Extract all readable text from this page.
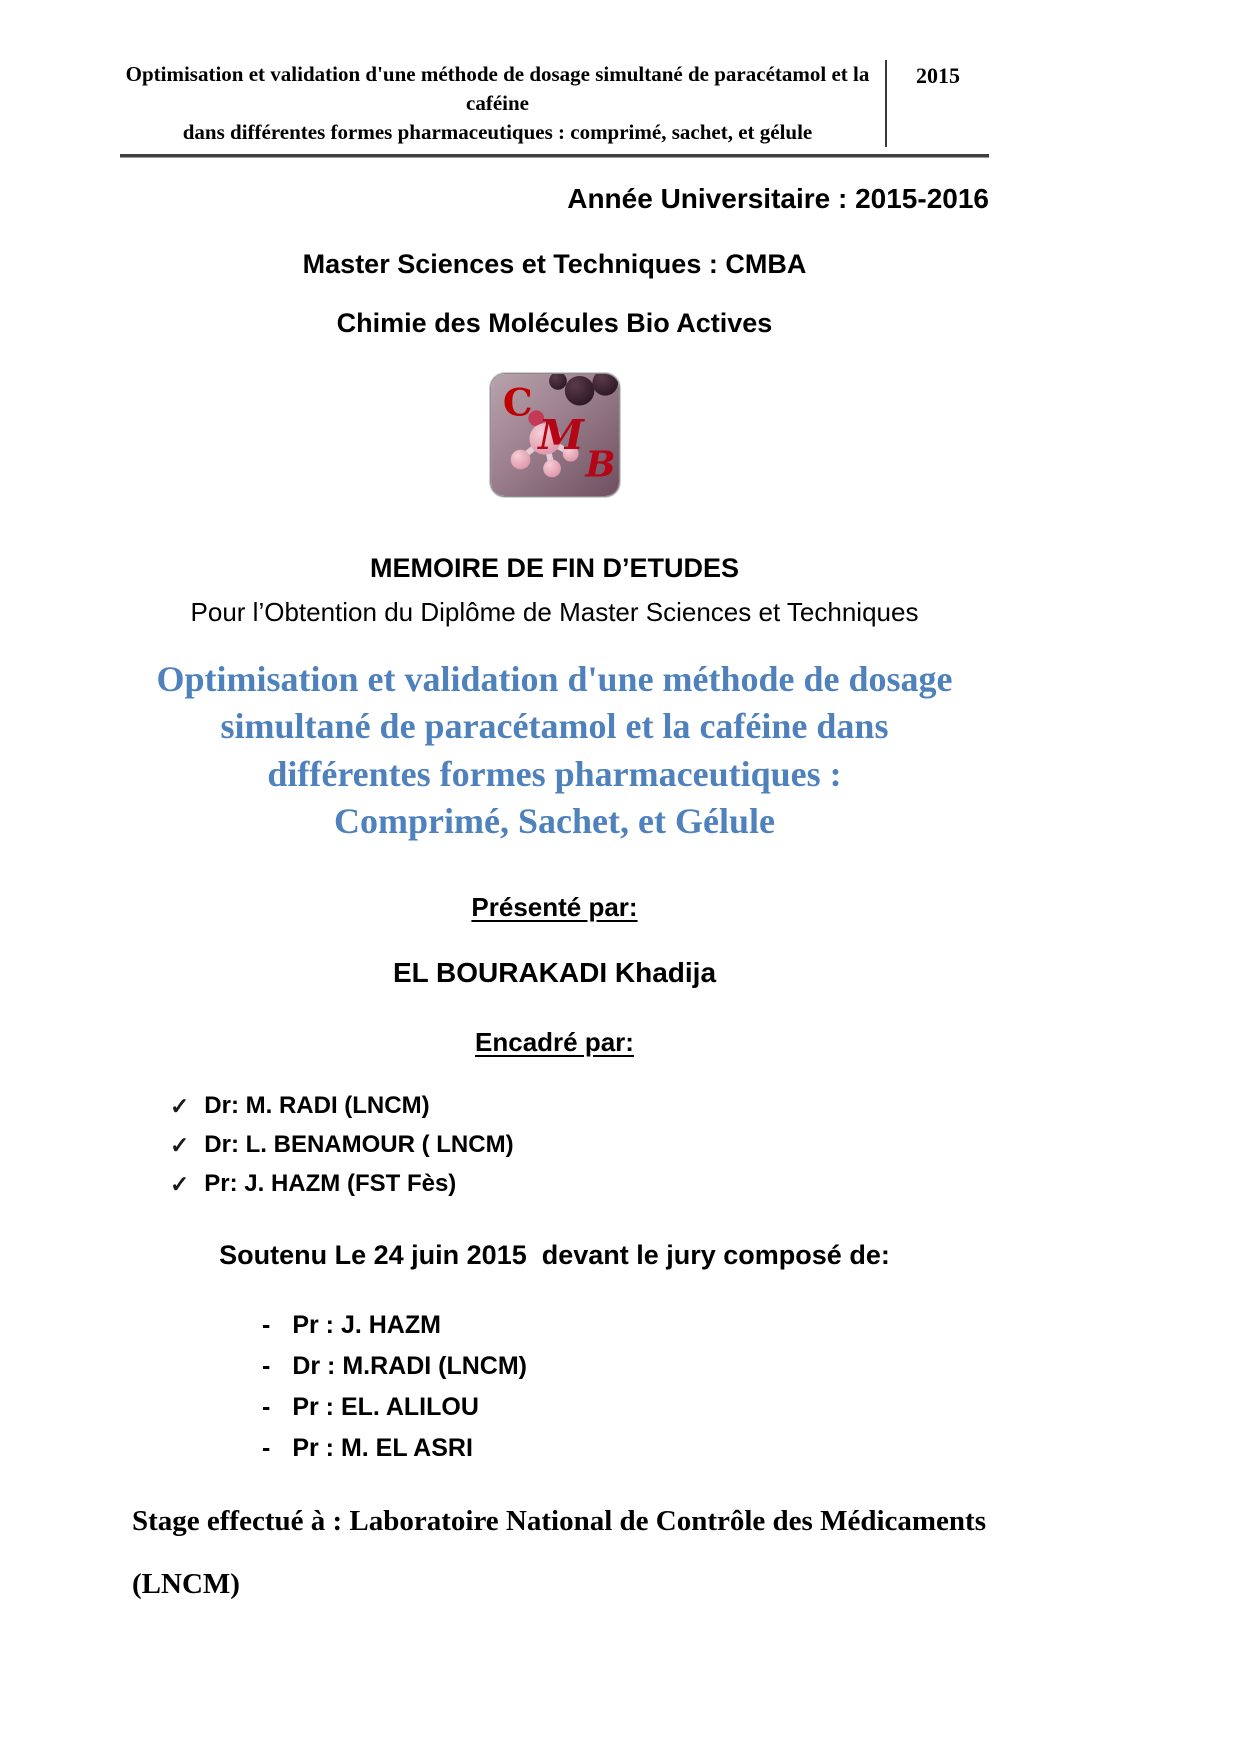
Optimisation et validation d'une méthode de dosage simultané de paracétamol et la caféine
dans différentes formes pharmaceutiques : comprimé, sachet, et gélule
2015
Année Universitaire : 2015-2016
Master Sciences et Techniques : CMBA
Chimie des Molécules Bio Actives
C
M
B
MEMOIRE DE FIN D’ETUDES
Pour l’Obtention du Diplôme de Master Sciences et Techniques
Optimisation et validation d'une méthode de dosage
simultané de paracétamol et la caféine dans
différentes formes pharmaceutiques :
Comprimé, Sachet, et Gélule
Présenté par:
EL BOURAKADI Khadija
Encadré par:
✓ Dr: M. RADI (LNCM)
✓ Dr: L. BENAMOUR ( LNCM)
✓ Pr: J. HAZM (FST Fès)
Soutenu Le 24 juin 2015  devant le jury composé de:
- Pr : J. HAZM
- Dr : M.RADI (LNCM)
- Pr : EL. ALILOU
- Pr : M. EL ASRI
Stage effectué à : Laboratoire National de Contrôle des Médicaments
(LNCM)
